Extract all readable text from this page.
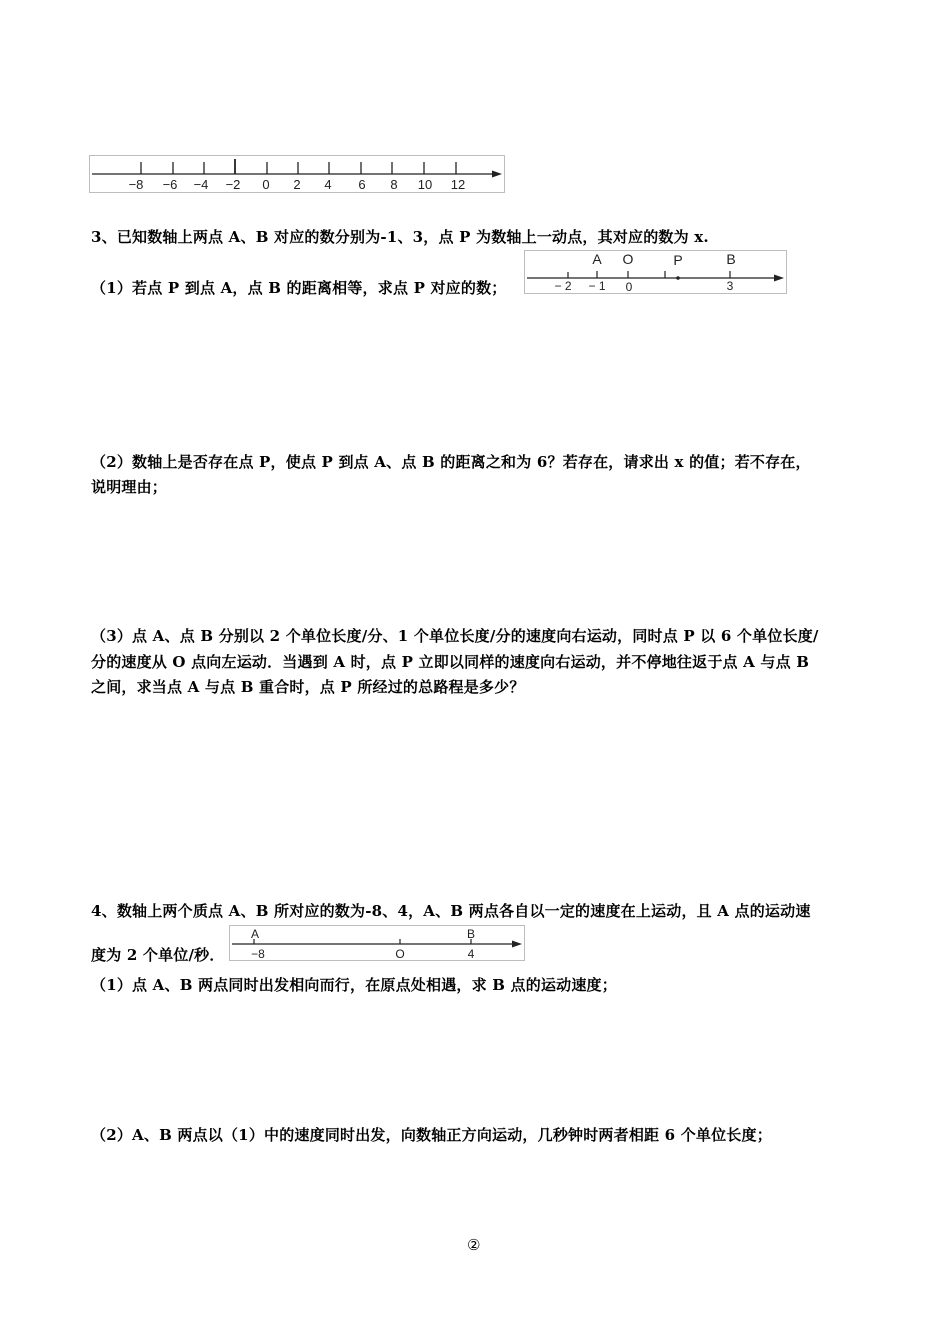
−8 −6 −4 −2 0 2 4 6 8 10 12
3、已知数轴上两点 A、B 对应的数分别为-1、3，点 P 为数轴上一动点，其对应的数为 x.
A O	P	B
− 2 − 1 0	3
（1）若点 P 到点 A，点 B 的距离相等，求点 P 对应的数；
（2）数轴上是否存在点 P，使点 P 到点 A、点 B 的距离之和为 6？若存在，请求出 x 的值；若不存在，
说明理由；
（3）点 A、点 B 分别以 2 个单位长度/分、1 个单位长度/分的速度向右运动，同时点 P 以 6 个单位长度/
分的速度从 O 点向左运动．当遇到 A 时，点 P 立即以同样的速度向右运动，并不停地往返于点 A 与点 B
之间，求当点 A 与点 B 重合时，点 P 所经过的总路程是多少？
4、数轴上两个质点 A、B 所对应的数为-8、4，A、B 两点各自以一定的速度在上运动，且 A 点的运动速
A	B
−8	O	4
度为 2 个单位/秒．
（1）点 A、B 两点同时出发相向而行，在原点处相遇，求 B 点的运动速度；
（2）A、B 两点以（1）中的速度同时出发，向数轴正方向运动，几秒钟时两者相距 6 个单位长度；
②
